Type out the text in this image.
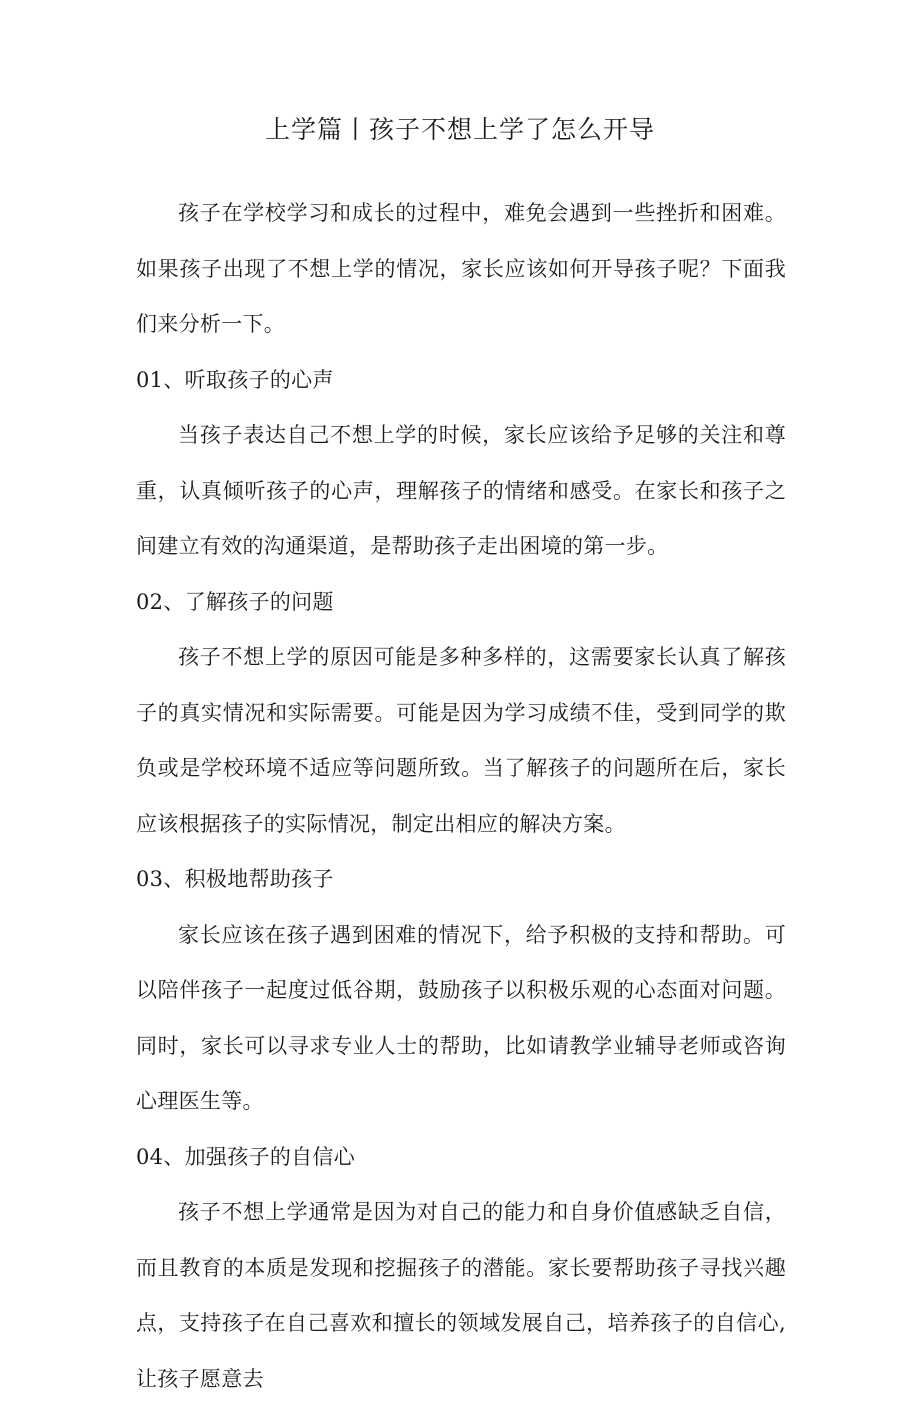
上学篇丨孩子不想上学了怎么开导

孩子在学校学习和成长的过程中，难免会遇到一些挫折和困难。如果孩子出现了不想上学的情况，家长应该如何开导孩子呢？下面我们来分析一下。

01、听取孩子的心声

当孩子表达自己不想上学的时候，家长应该给予足够的关注和尊重，认真倾听孩子的心声，理解孩子的情绪和感受。在家长和孩子之间建立有效的沟通渠道，是帮助孩子走出困境的第一步。

02、了解孩子的问题

孩子不想上学的原因可能是多种多样的，这需要家长认真了解孩子的真实情况和实际需要。可能是因为学习成绩不佳，受到同学的欺负或是学校环境不适应等问题所致。当了解孩子的问题所在后，家长应该根据孩子的实际情况，制定出相应的解决方案。

03、积极地帮助孩子

家长应该在孩子遇到困难的情况下，给予积极的支持和帮助。可以陪伴孩子一起度过低谷期，鼓励孩子以积极乐观的心态面对问题。同时，家长可以寻求专业人士的帮助，比如请教学业辅导老师或咨询心理医生等。

04、加强孩子的自信心

孩子不想上学通常是因为对自己的能力和自身价值感缺乏自信，而且教育的本质是发现和挖掘孩子的潜能。家长要帮助孩子寻找兴趣点，支持孩子在自己喜欢和擅长的领域发展自己，培养孩子的自信心,让孩子愿意去
